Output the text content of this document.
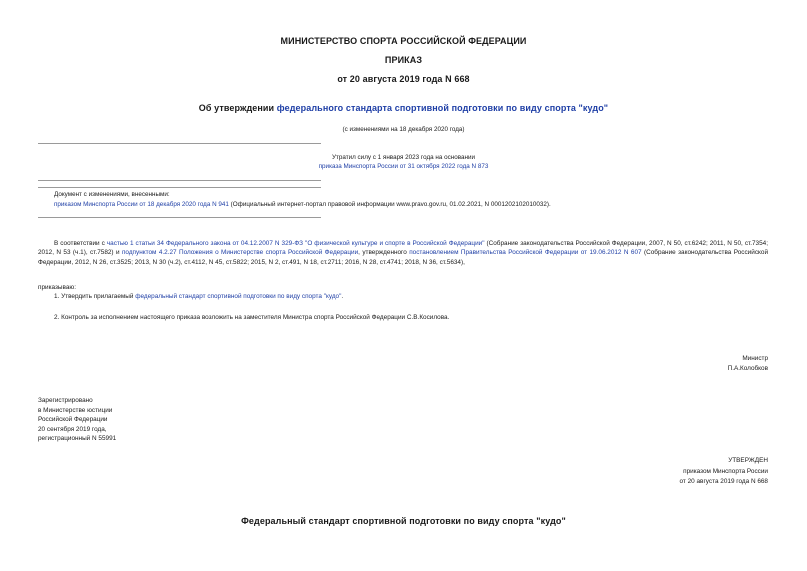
МИНИСТЕРСТВО СПОРТА РОССИЙСКОЙ ФЕДЕРАЦИИ
ПРИКАЗ
от 20 августа 2019 года N 668
Об утверждении федерального стандарта спортивной подготовки по виду спорта "кудо"
(с изменениями на 18 декабря 2020 года)
Утратил силу с 1 января 2023 года на основании
приказа Минспорта России от 31 октября 2022 года N 873
Документ с изменениями, внесенными:
приказом Минспорта России от 18 декабря 2020 года N 941 (Официальный интернет-портал правовой информации www.pravo.gov.ru, 01.02.2021, N 0001202102010032).
В соответствии с частью 1 статьи 34 Федерального закона от 04.12.2007 N 329-ФЗ "О физической культуре и спорте в Российской Федерации" (Собрание законодательства Российской Федерации, 2007, N 50, ст.6242; 2011, N 50, ст.7354; 2012, N 53 (ч.1), ст.7582) и подпунктом 4.2.27 Положения о Министерстве спорта Российской Федерации, утвержденного постановлением Правительства Российской Федерации от 19.06.2012 N 607 (Собрание законодательства Российской Федерации, 2012, N 26, ст.3525; 2013, N 30 (ч.2), ст.4112, N 45, ст.5822; 2015, N 2, ст.491, N 18, ст.2711; 2016, N 28, ст.4741; 2018, N 36, ст.5634),
приказываю:
1. Утвердить прилагаемый федеральный стандарт спортивной подготовки по виду спорта "кудо".
2. Контроль за исполнением настоящего приказа возложить на заместителя Министра спорта Российской Федерации С.В.Косилова.
Министр
П.А.Колобков
Зарегистрировано
в Министерстве юстиции
Российской Федерации
20 сентября 2019 года,
регистрационный N 55991
УТВЕРЖДЕН
приказом Минспорта России
от 20 августа 2019 года N 668
Федеральный стандарт спортивной подготовки по виду спорта "кудо"
